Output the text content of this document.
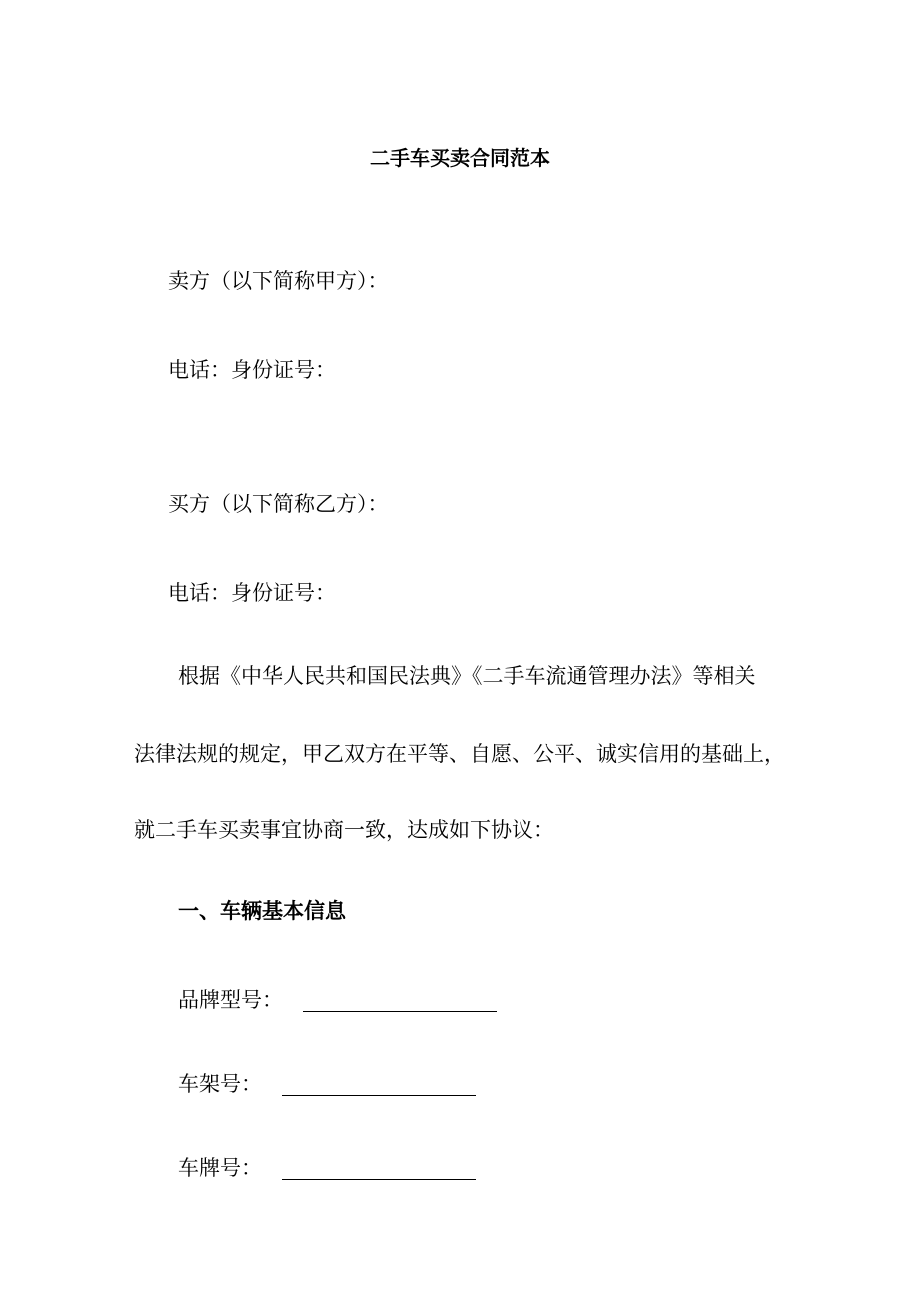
二手车买卖合同范本
卖方（以下简称甲方）：
电话：身份证号：
买方（以下简称乙方）：
电话：身份证号：
根据《中华人民共和国民法典》《二手车流通管理办法》等相关
法律法规的规定，甲乙双方在平等、自愿、公平、诚实信用的基础上，
就二手车买卖事宜协商一致，达成如下协议：
一、车辆基本信息
品牌型号：
车架号：
车牌号：
